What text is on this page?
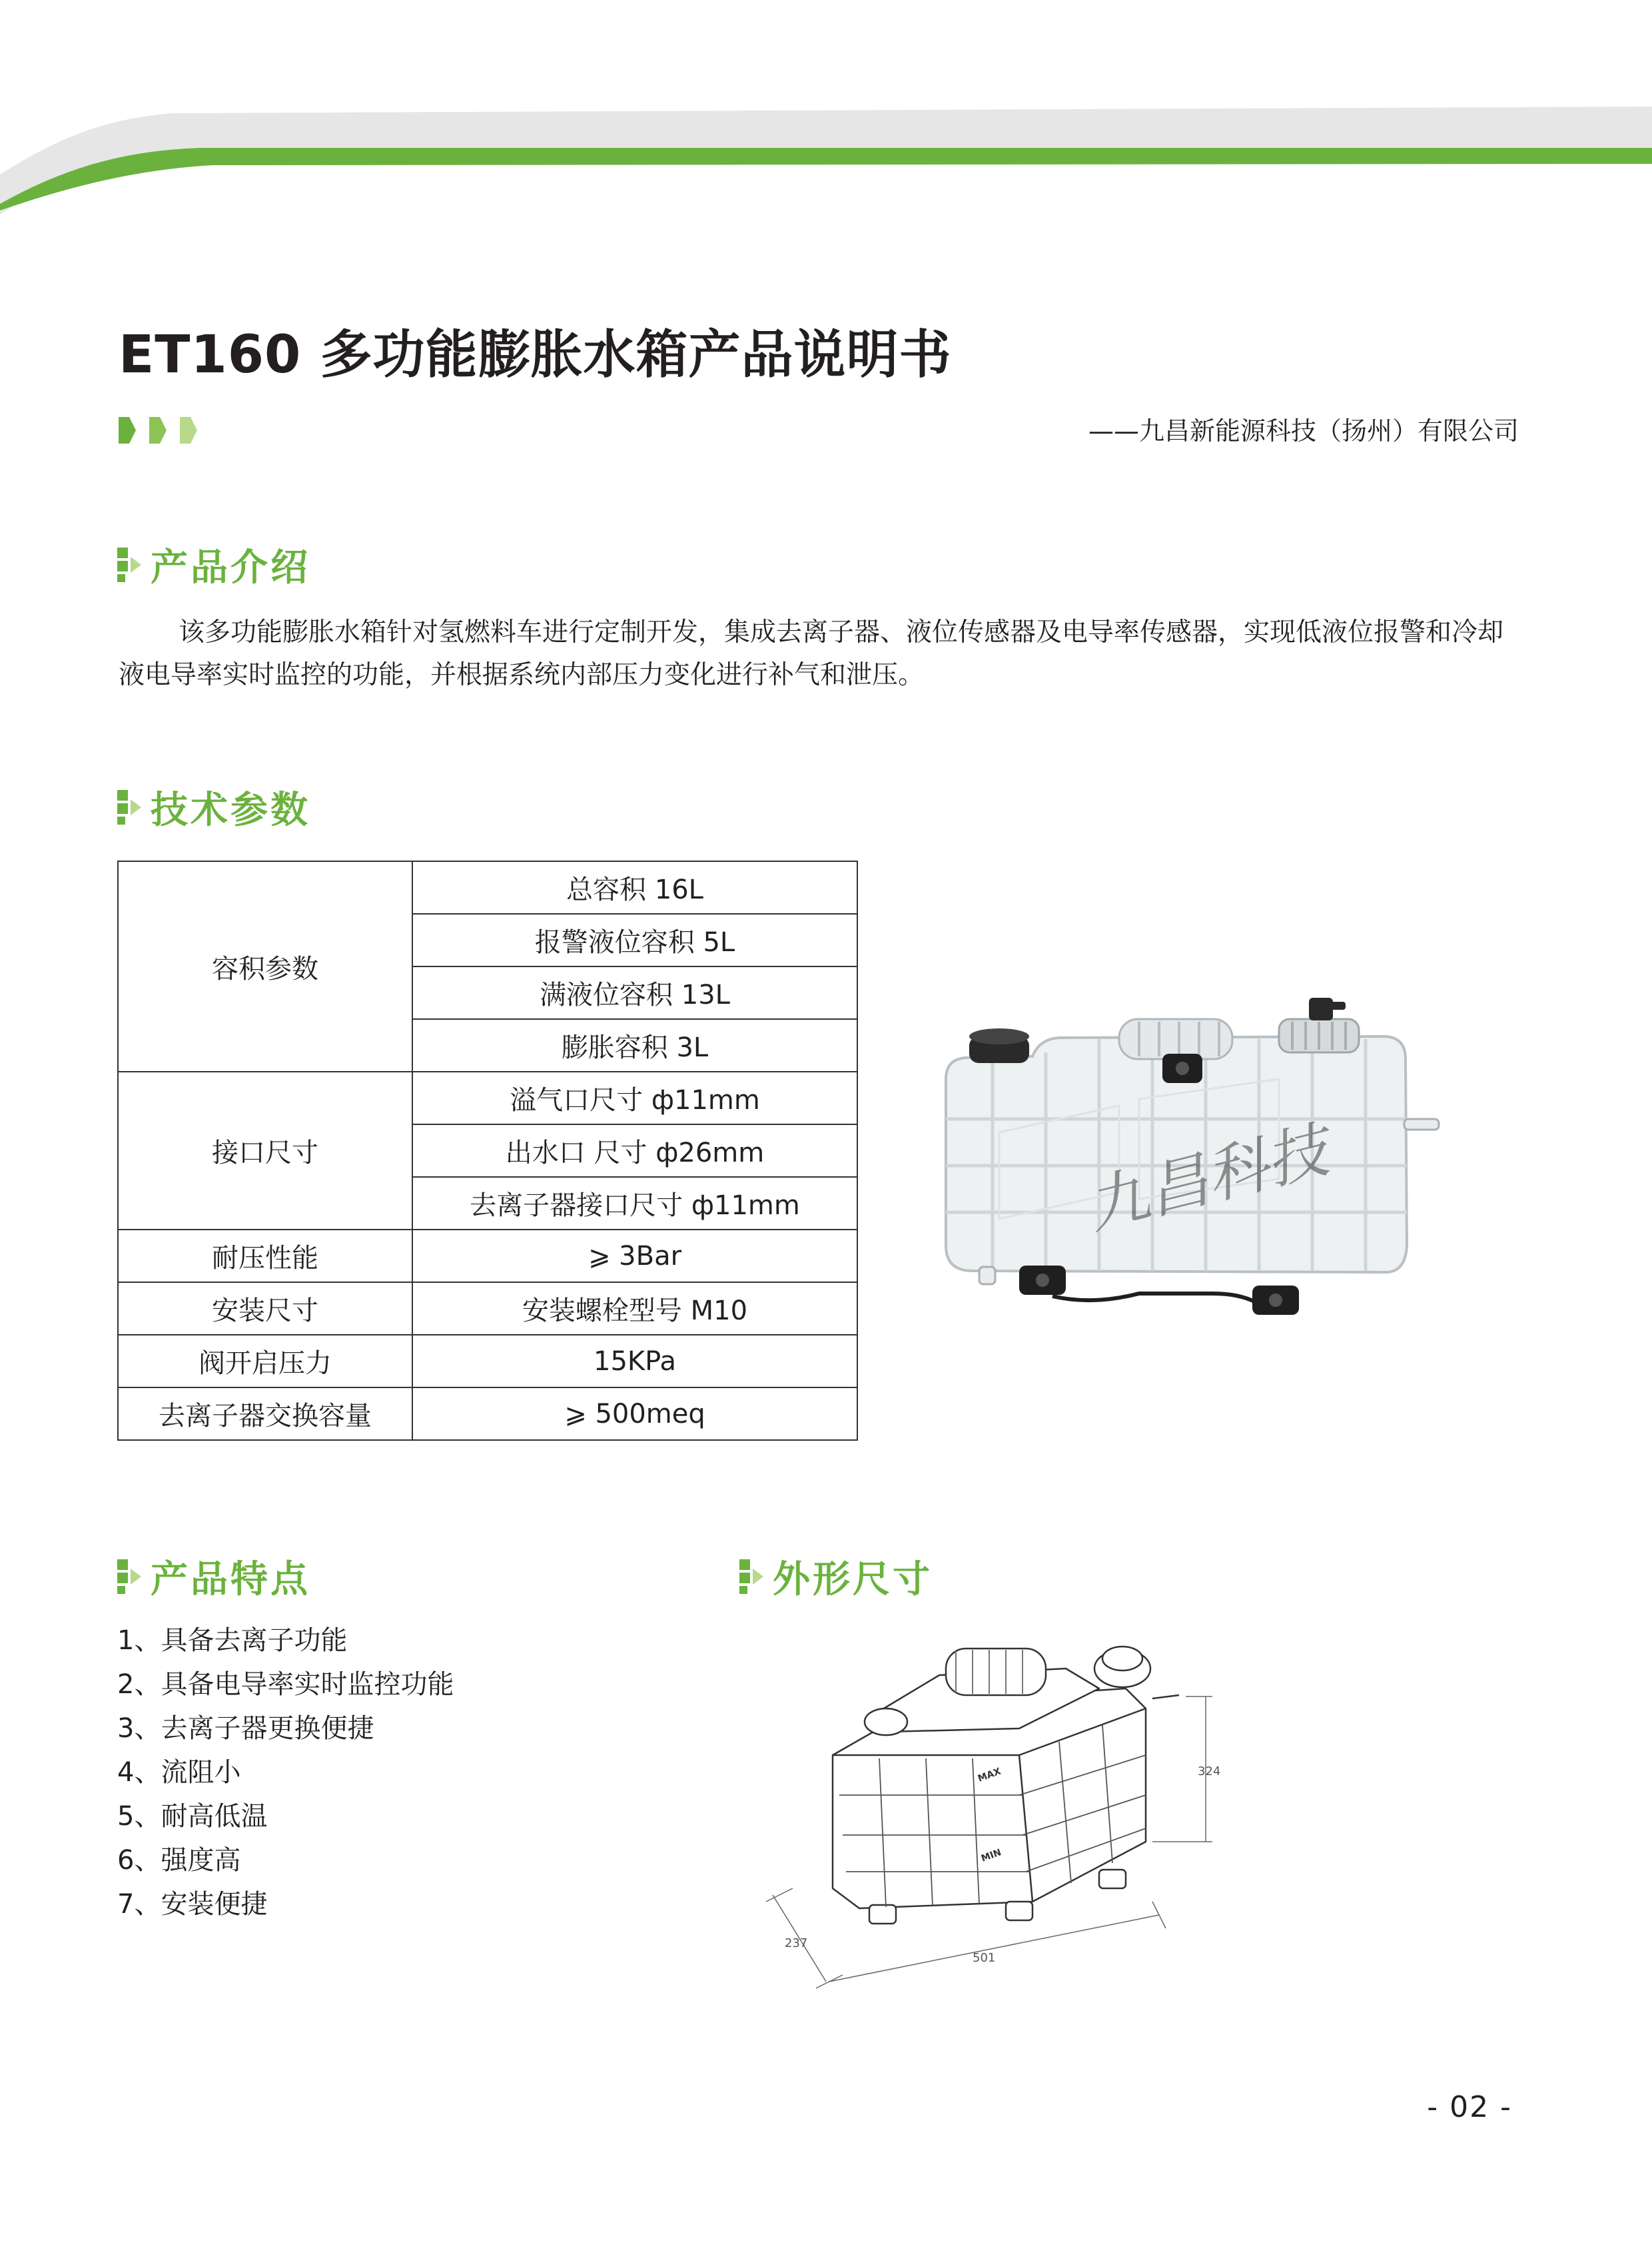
ET160 多功能膨胀水箱产品说明书
——九昌新能源科技（扬州）有限公司
产品介绍

该多功能膨胀水箱针对氢燃料车进行定制开发，集成去离子器、液位传感器及电导率传感器，实现低液位报警和冷却液电导率实时监控的功能，并根据系统内部压力变化进行补气和泄压。

技术参数
容积参数	总容积 16L
	报警液位容积 5L
	满液位容积 13L
	膨胀容积 3L
接口尺寸	溢气口尺寸 ф11mm
	出水口 尺寸 ф26mm
	去离子器接口尺寸 ф11mm
耐压性能	⩾ 3Bar
安装尺寸	安装螺栓型号 M10
阀开启压力	15KPa
去离子器交换容量	⩾ 500meq
九昌科技
产品特点
1、具备去离子功能
2、具备电导率实时监控功能
3、去离子器更换便捷
4、流阻小
5、耐高低温
6、强度高
7、安装便捷
外形尺寸
MAX
MIN
324
237
501
- 02 -
